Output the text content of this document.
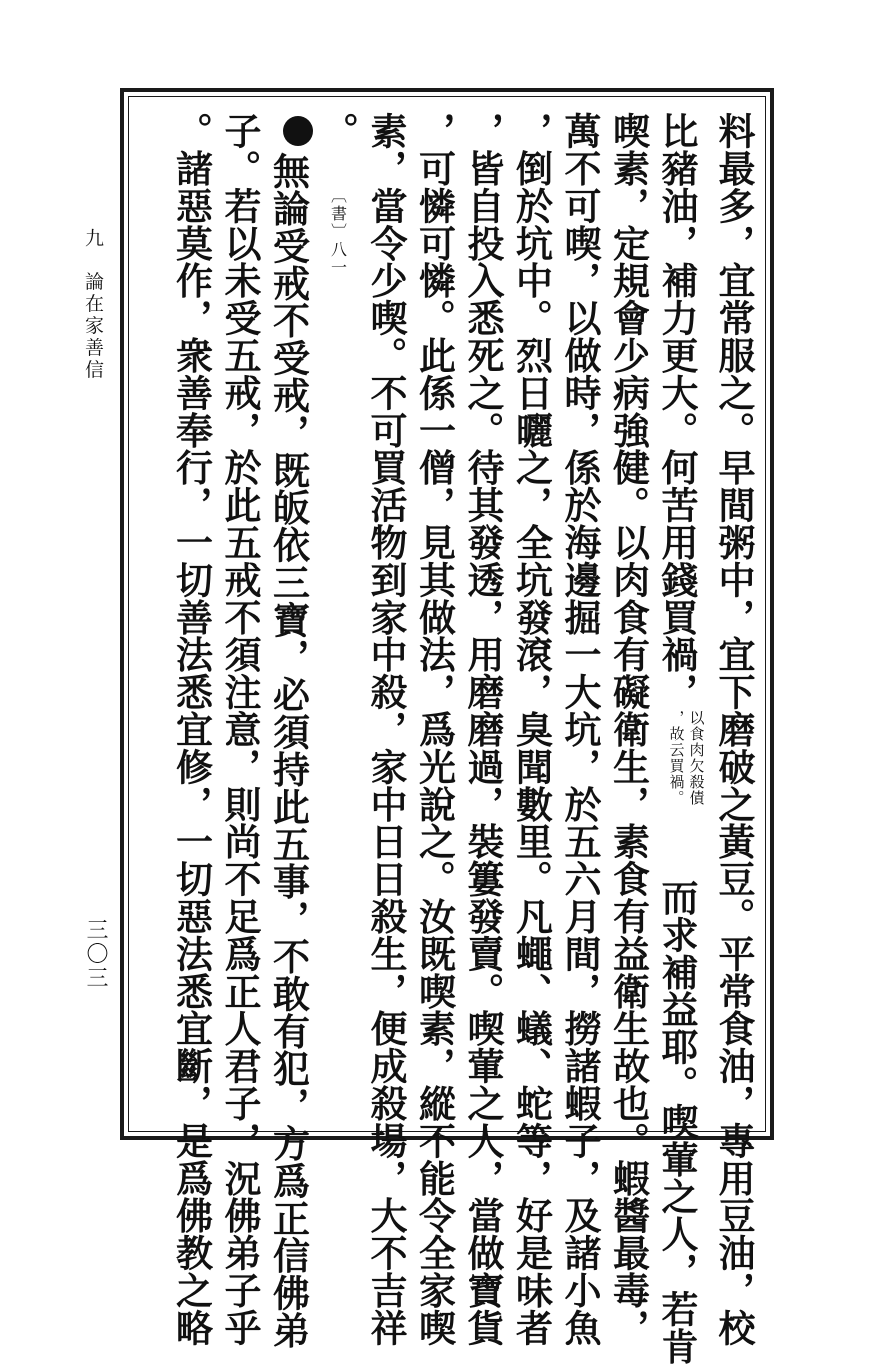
九 論在家善信
三〇三	料最多，宜常服之。早間粥中，宜下磨破之黃豆。平常食油，專用豆油，校
比豬油，補力更大。何苦用錢買禍，
以食肉欠殺債
，故云買禍。
而求補益耶。喫葷之人，若肯
喫素，定規會少病強健。以肉食有礙衛生，素食有益衛生故也。蝦醬最毒，
萬不可喫，以做時，係於海邊掘一大坑，於五六月間，撈諸蝦子，及諸小魚
，倒於坑中。烈日曬之，全坑發滾，臭聞數里。凡蠅、蟻、蛇等，好是味者
，皆自投入悉死之。待其發透，用磨磨過，裝簍發賣。喫葷之人，當做寶貨
，可憐可憐。此係一僧，見其做法，爲光說之。汝既喫素，縱不能令全家喫
素，當令少喫。不可買活物到家中殺，家中日日殺生，便成殺場，大不吉祥
。 〔書〕八一
無論受戒不受戒，既皈依三寶，必須持此五事，不敢有犯，方爲正信佛弟
子。若以未受五戒，於此五戒不須注意，則尚不足爲正人君子，況佛弟子乎
。諸惡莫作，衆善奉行，一切善法悉宜修，一切惡法悉宜斷，是爲佛教之略
